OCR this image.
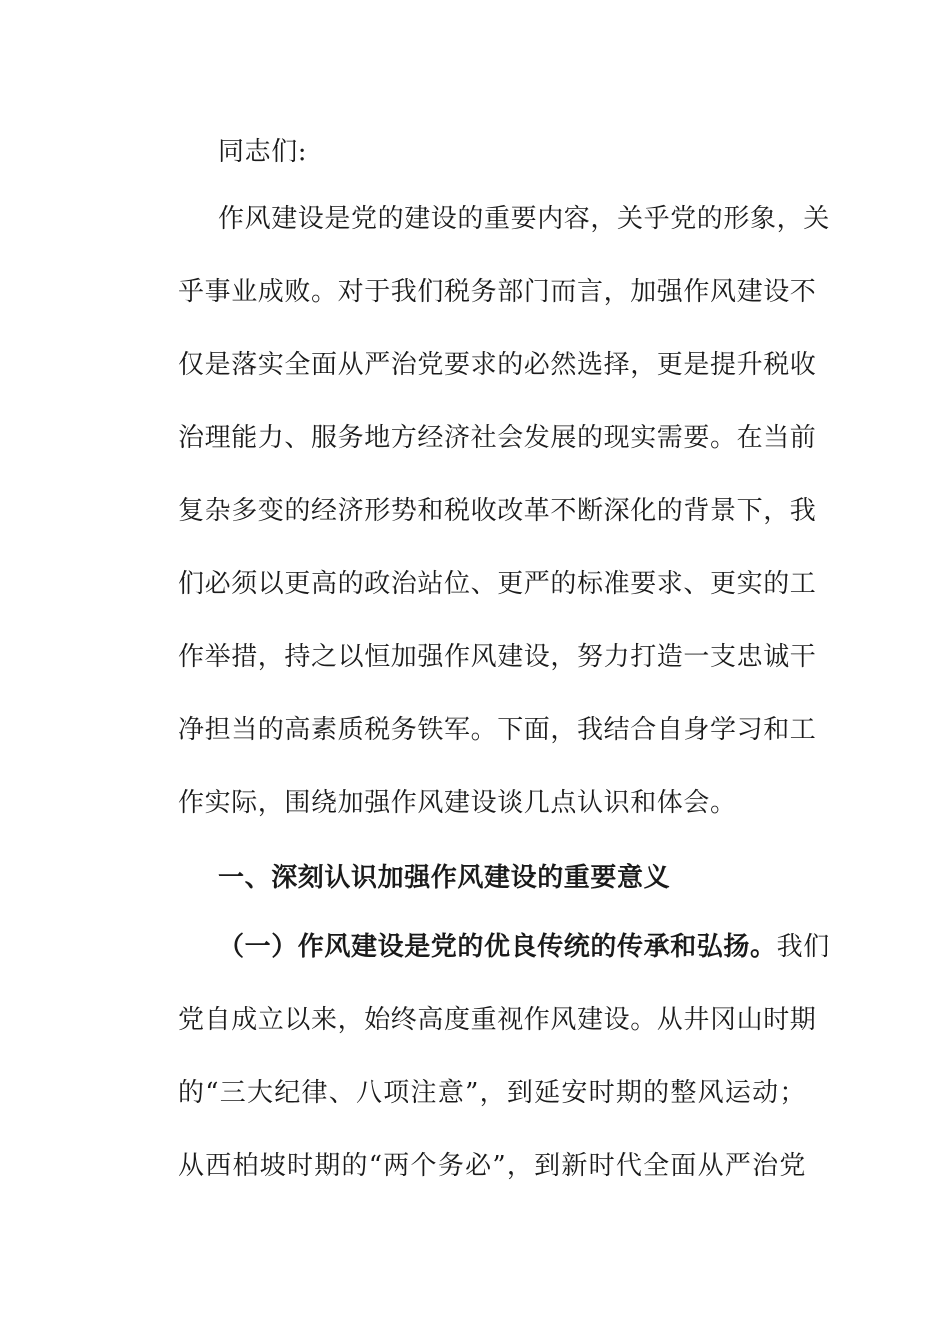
同志们:
作风建设是党的建设的重要内容，关乎党的形象，关
乎事业成败。对于我们税务部门而言，加强作风建设不
仅是落实全面从严治党要求的必然选择，更是提升税收
治理能力、服务地方经济社会发展的现实需要。在当前
复杂多变的经济形势和税收改革不断深化的背景下，我
们必须以更高的政治站位、更严的标准要求、更实的工
作举措，持之以恒加强作风建设，努力打造一支忠诚干
净担当的高素质税务铁军。下面，我结合自身学习和工
作实际，围绕加强作风建设谈几点认识和体会。
一、深刻认识加强作风建设的重要意义
（一）作风建设是党的优良传统的传承和弘扬。我们
党自成立以来，始终高度重视作风建设。从井冈山时期
的“三大纪律、八项注意”，到延安时期的整风运动；
从西柏坡时期的“两个务必”，到新时代全面从严治党
